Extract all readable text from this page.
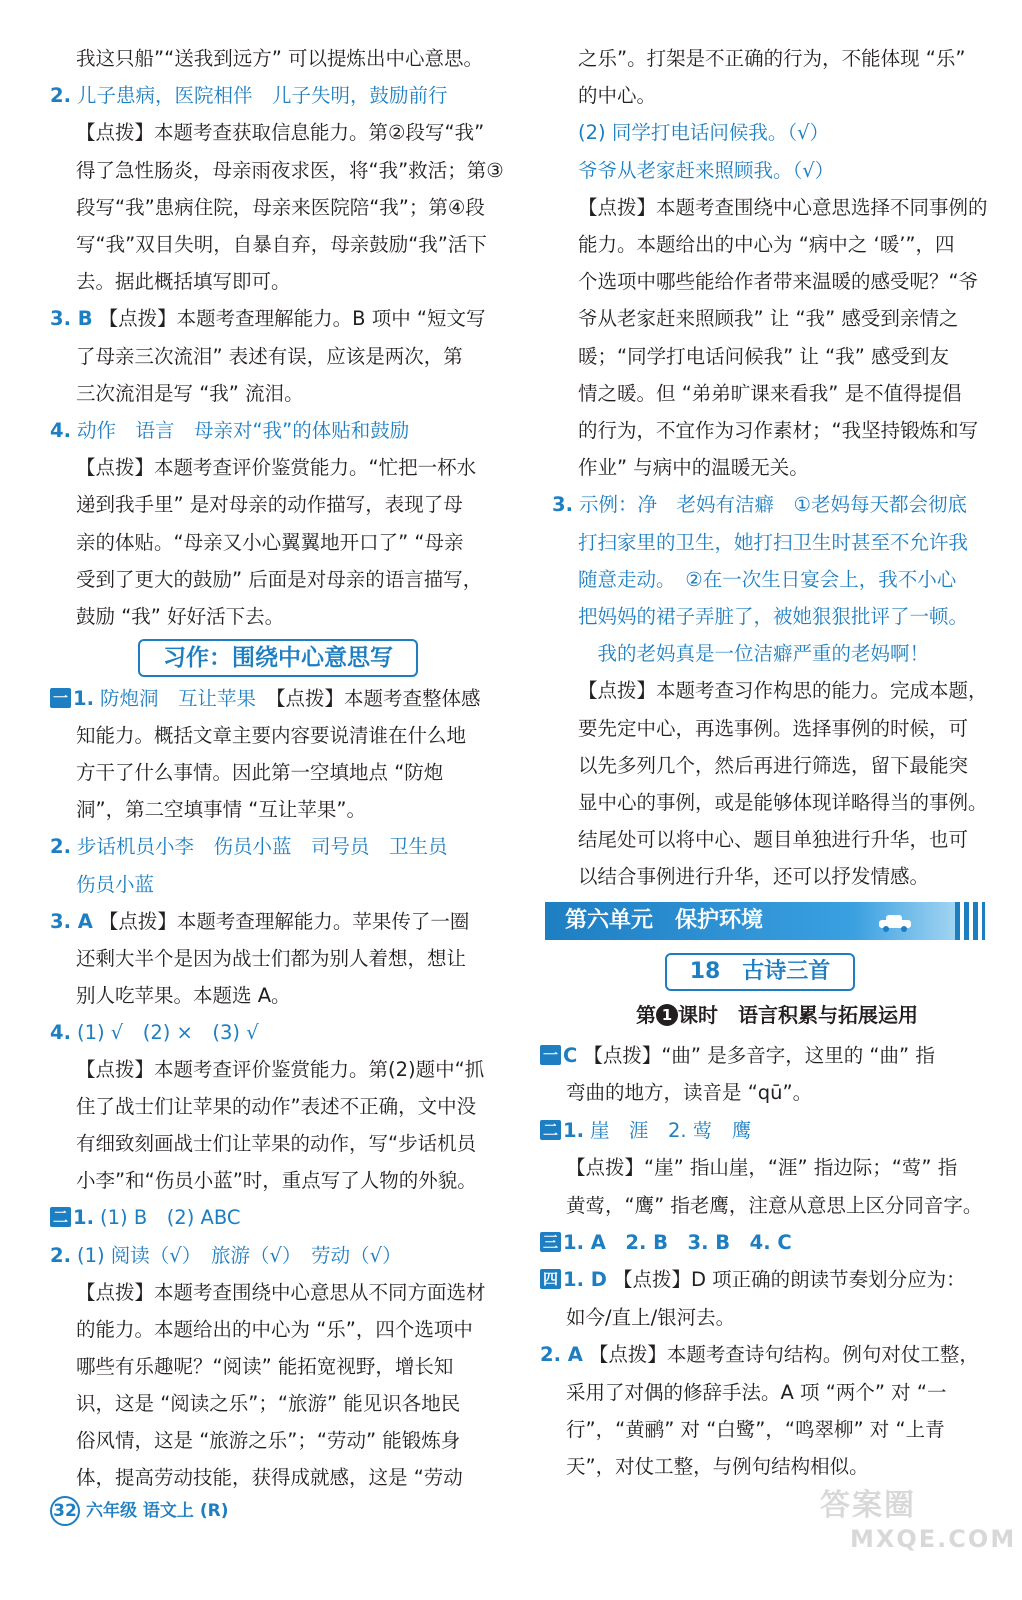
习作：围绕中心意思写
第六单元　保护环境
18　古诗三首
第 1 课时　语言积累与拓展运用
32 六年级 语文上 (R)	答案圈
MXQE.COM
我这只船”“送我到远方” 可以提炼出中心意思。
2. 儿子患病，医院相伴　儿子失明，鼓励前行
【点拨】本题考查获取信息能力。第②段写“我”
得了急性肠炎，母亲雨夜求医，将“我”救活；第③
段写“我”患病住院，母亲来医院陪“我”；第④段
写“我”双目失明，自暴自弃，母亲鼓励“我”活下
去。据此概括填写即可。
3. B 【点拨】本题考查理解能力。B 项中 “短文写
了母亲三次流泪” 表述有误，应该是两次，第
三次流泪是写 “我” 流泪。
4. 动作　语言　母亲对“我”的体贴和鼓励
【点拨】本题考查评价鉴赏能力。“忙把一杯水
递到我手里” 是对母亲的动作描写，表现了母
亲的体贴。“母亲又小心翼翼地开口了” “母亲
受到了更大的鼓励” 后面是对母亲的语言描写，
鼓励 “我” 好好活下去。
一 1. 防炮洞　互让苹果 【点拨】本题考查整体感
知能力。概括文章主要内容要说清谁在什么地
方干了什么事情。因此第一空填地点 “防炮
洞”，第二空填事情 “互让苹果”。
2. 步话机员小李　伤员小蓝　司号员　卫生员
伤员小蓝
3. A 【点拨】本题考查理解能力。苹果传了一圈
还剩大半个是因为战士们都为别人着想，想让
别人吃苹果。本题选 A。
4. (1) √　(2) ×　(3) √
【点拨】本题考查评价鉴赏能力。第(2)题中“抓
住了战士们让苹果的动作”表述不正确，文中没
有细致刻画战士们让苹果的动作，写“步话机员
小李”和“伤员小蓝”时，重点写了人物的外貌。
二 1. (1) B　(2) ABC
2. (1) 阅读（√）　旅游（√）　劳动（√）
【点拨】本题考查围绕中心意思从不同方面选材
的能力。本题给出的中心为 “乐”，四个选项中
哪些有乐趣呢？“阅读” 能拓宽视野，增长知
识，这是 “阅读之乐”；“旅游” 能见识各地民
俗风情，这是 “旅游之乐”；“劳动” 能锻炼身
体，提高劳动技能，获得成就感，这是 “劳动
之乐”。打架是不正确的行为，不能体现 “乐”
的中心。
(2) 同学打电话问候我。（√）
爷爷从老家赶来照顾我。（√）
【点拨】本题考查围绕中心意思选择不同事例的
能力。本题给出的中心为 “病中之 ‘暖’”，四
个选项中哪些能给作者带来温暖的感受呢？“爷
爷从老家赶来照顾我” 让 “我” 感受到亲情之
暖；“同学打电话问候我” 让 “我” 感受到友
情之暖。但 “弟弟旷课来看我” 是不值得提倡
的行为，不宜作为习作素材；“我坚持锻炼和写
作业” 与病中的温暖无关。
3. 示例：净　老妈有洁癖　①老妈每天都会彻底
打扫家里的卫生，她打扫卫生时甚至不允许我
随意走动。　②在一次生日宴会上，我不小心
把妈妈的裙子弄脏了，被她狠狠批评了一顿。
　我的老妈真是一位洁癖严重的老妈啊！
【点拨】本题考查习作构思的能力。完成本题，
要先定中心，再选事例。选择事例的时候，可
以先多列几个，然后再进行筛选，留下最能突
显中心的事例，或是能够体现详略得当的事例。
结尾处可以将中心、题目单独进行升华，也可
以结合事例进行升华，还可以抒发情感。
一 C 【点拨】“曲” 是多音字，这里的 “曲” 指
弯曲的地方，读音是 “qū”。
二 1. 崖　涯　2. 莺　鹰
【点拨】“崖” 指山崖，“涯” 指边际；“莺” 指
黄莺，“鹰” 指老鹰，注意从意思上区分同音字。
三 1. A　2. B　3. B　4. C
四 1. D 【点拨】D 项正确的朗读节奏划分应为：
如今/直上/银河去。
2. A 【点拨】本题考查诗句结构。例句对仗工整，
采用了对偶的修辞手法。A 项 “两个” 对 “一
行”，“黄鹂” 对 “白鹭”，“鸣翠柳” 对 “上青
天”，对仗工整，与例句结构相似。
